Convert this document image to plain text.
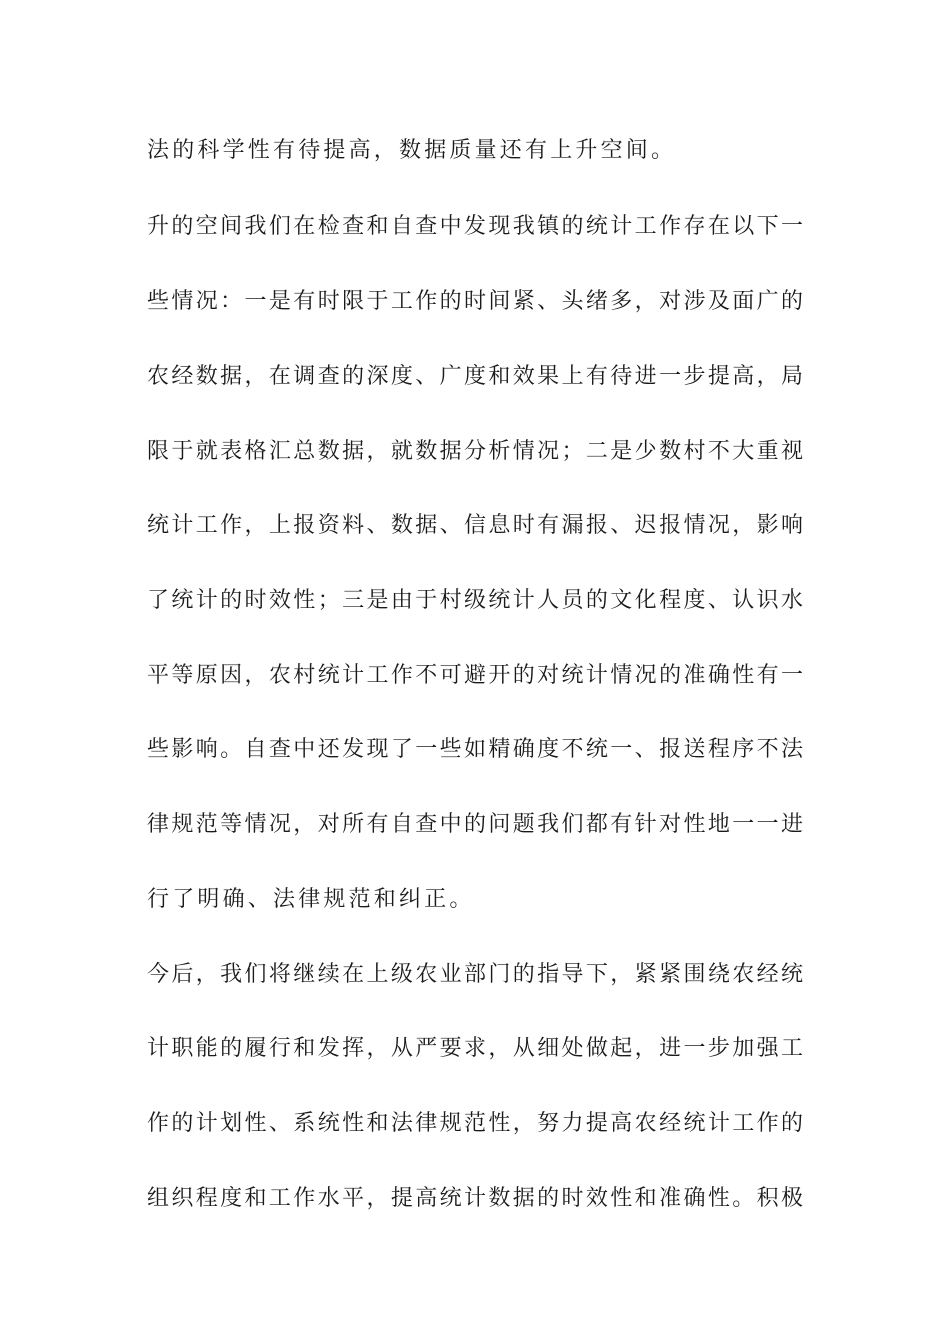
法的科学性有待提高，数据质量还有上升空间。
升的空间我们在检查和自查中发现我镇的统计工作存在以下一
些情况：一是有时限于工作的时间紧、头绪多，对涉及面广的
农经数据，在调查的深度、广度和效果上有待进一步提高，局
限于就表格汇总数据，就数据分析情况；二是少数村不大重视
统计工作，上报资料、数据、信息时有漏报、迟报情况，影响
了统计的时效性；三是由于村级统计人员的文化程度、认识水
平等原因，农村统计工作不可避开的对统计情况的准确性有一
些影响。自查中还发现了一些如精确度不统一、报送程序不法
律规范等情况，对所有自查中的问题我们都有针对性地一一进
行了明确、法律规范和纠正。
今后，我们将继续在上级农业部门的指导下，紧紧围绕农经统
计职能的履行和发挥，从严要求，从细处做起，进一步加强工
作的计划性、系统性和法律规范性，努力提高农经统计工作的
组织程度和工作水平，提高统计数据的时效性和准确性。积极
